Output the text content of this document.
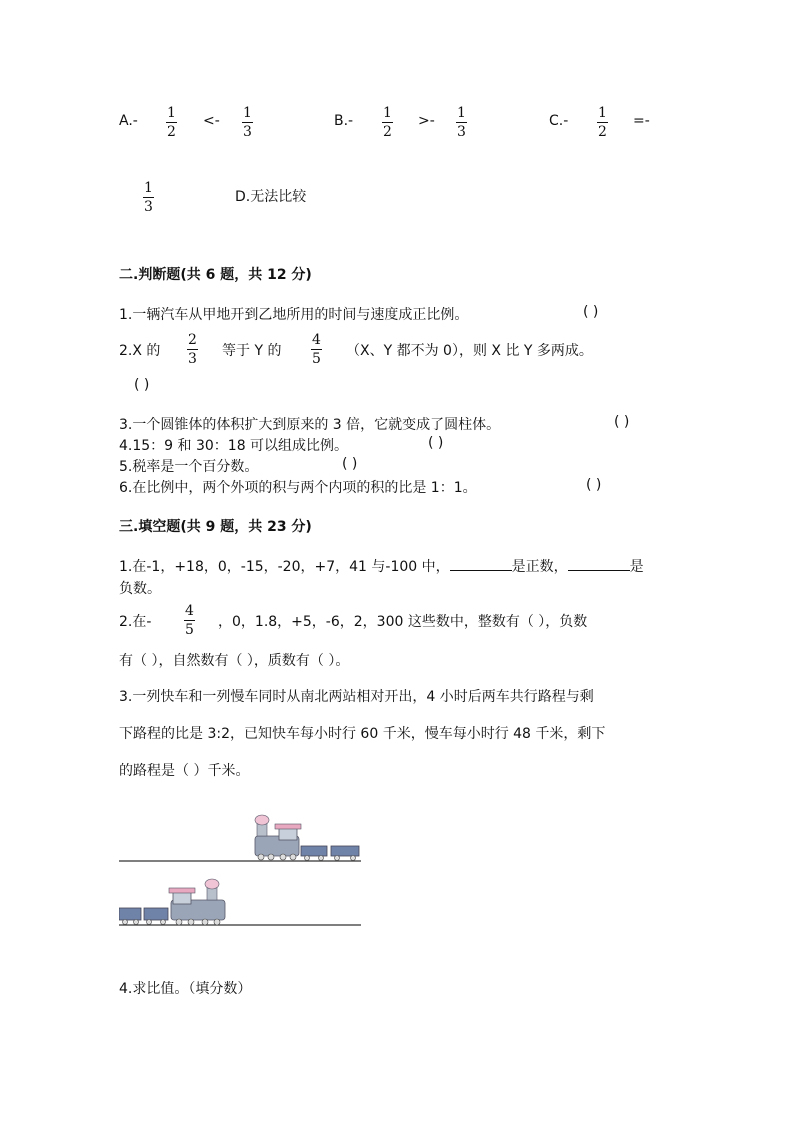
A.- 1
2
<- 1
3
B.- 1
2
>- 1
3
C.- 1
2
=-
1
3
D.无法比较
二.判断题(共 6 题，共 12 分)
1.一辆汽车从甲地开到乙地所用的时间与速度成正比例。	( )
2.X 的
2
3 等于 Y 的
4
5 （X、Y 都不为 0），则 X 比 Y 多两成。
( )
3.一个圆锥体的体积扩大到原来的 3 倍，它就变成了圆柱体。	( )
4.15：9 和 30：18 可以组成比例。	( )
5.税率是一个百分数。	( )
6.在比例中，两个外项的积与两个内项的积的比是 1：1。	( )
三.填空题(共 9 题，共 23 分)
1.在-1，+18，0，-15，-20，+7，41 与-100 中，	是正数，	是
负数。
2.在-
4
5 ，0，1.8，+5，-6，2，300 这些数中，整数有（ ），负数
有（ ），自然数有（ ），质数有（ ）。
3.一列快车和一列慢车同时从南北两站相对开出，4 小时后两车共行路程与剩
下路程的比是 3:2，已知快车每小时行 60 千米，慢车每小时行 48 千米，剩下
的路程是（ ）千米。
4.求比值。（填分数）
